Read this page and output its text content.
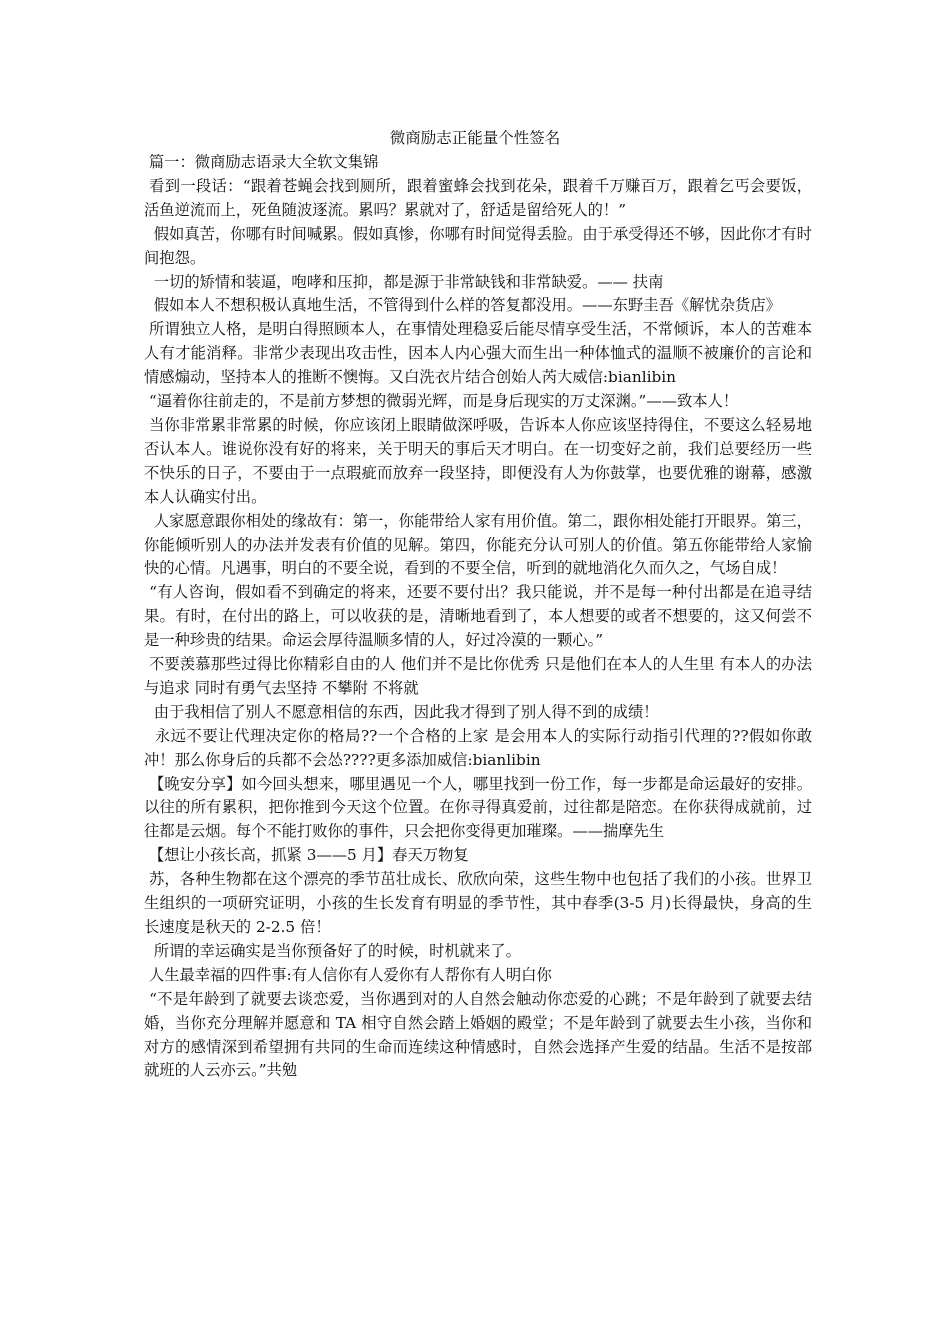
微商励志正能量个性签名

篇一：微商励志语录大全软文集锦

看到一段话：“跟着苍蝇会找到厕所，跟着蜜蜂会找到花朵，跟着千万赚百万，跟着乞丐会要饭，活鱼逆流而上，死鱼随波逐流。累吗？累就对了，舒适是留给死人的！”

假如真苦，你哪有时间喊累。假如真惨，你哪有时间觉得丢脸。由于承受得还不够，因此你才有时间抱怨。

一切的矫情和装逼，咆哮和压抑，都是源于非常缺钱和非常缺爱。—— 扶南

假如本人不想积极认真地生活，不管得到什么样的答复都没用。——东野圭吾《解忧杂货店》

所谓独立人格，是明白得照顾本人，在事情处理稳妥后能尽情享受生活，不常倾诉，本人的苦难本人有才能消释。非常少表现出攻击性，因本人内心强大而生出一种体恤式的温顺不被廉价的言论和情感煽动，坚持本人的推断不懊悔。又白洗衣片结合创始人芮大威信:bianlibin

“逼着你往前走的，不是前方梦想的微弱光辉，而是身后现实的万丈深渊。”——致本人！

当你非常累非常累的时候，你应该闭上眼睛做深呼吸，告诉本人你应该坚持得住，不要这么轻易地否认本人。谁说你没有好的将来，关于明天的事后天才明白。在一切变好之前，我们总要经历一些不快乐的日子，不要由于一点瑕疵而放弃一段坚持，即便没有人为你鼓掌，也要优雅的谢幕，感激本人认确实付出。

人家愿意跟你相处的缘故有：第一，你能带给人家有用价值。第二，跟你相处能打开眼界。第三，你能倾听别人的办法并发表有价值的见解。第四，你能充分认可别人的价值。第五你能带给人家愉快的心情。凡遇事，明白的不要全说，看到的不要全信，听到的就地消化久而久之，气场自成！

“有人咨询，假如看不到确定的将来，还要不要付出？我只能说，并不是每一种付出都是在追寻结果。有时，在付出的路上，可以收获的是，清晰地看到了，本人想要的或者不想要的，这又何尝不是一种珍贵的结果。命运会厚待温顺多情的人，好过冷漠的一颗心。”

不要羡慕那些过得比你精彩自由的人 他们并不是比你优秀 只是他们在本人的人生里 有本人的办法与追求 同时有勇气去坚持 不攀附 不将就

由于我相信了别人不愿意相信的东西，因此我才得到了别人得不到的成绩！

永远不要让代理决定你的格局??一个合格的上家 是会用本人的实际行动指引代理的??假如你敢冲！那么你身后的兵都不会怂????更多添加威信:bianlibin

【晚安分享】如今回头想来，哪里遇见一个人，哪里找到一份工作，每一步都是命运最好的安排。以往的所有累积，把你推到今天这个位置。在你寻得真爱前，过往都是陪恋。在你获得成就前，过往都是云烟。每个不能打败你的事件，只会把你变得更加璀璨。——揣摩先生

【想让小孩长高，抓紧 3——5 月】春天万物复

苏，各种生物都在这个漂亮的季节茁壮成长、欣欣向荣，这些生物中也包括了我们的小孩。世界卫生组织的一项研究证明，小孩的生长发育有明显的季节性，其中春季(3-5 月)长得最快，身高的生长速度是秋天的 2-2.5 倍！

所谓的幸运确实是当你预备好了的时候，时机就来了。

人生最幸福的四件事:有人信你有人爱你有人帮你有人明白你

“不是年龄到了就要去谈恋爱，当你遇到对的人自然会触动你恋爱的心跳；不是年龄到了就要去结婚，当你充分理解并愿意和 TA 相守自然会踏上婚姻的殿堂；不是年龄到了就要去生小孩，当你和对方的感情深到希望拥有共同的生命而连续这种情感时，自然会选择产生爱的结晶。生活不是按部就班的人云亦云。”共勉
